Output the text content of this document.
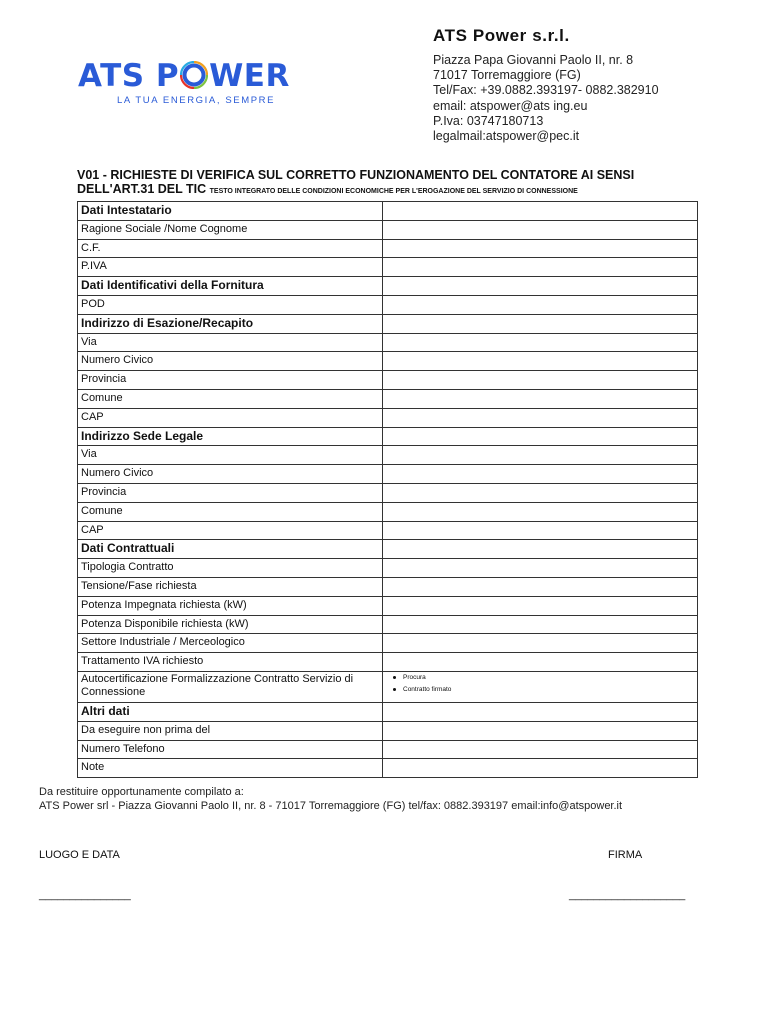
ATS P WER
LA TUA ENERGIA, SEMPRE
ATS Power s.r.l.
Piazza Papa Giovanni Paolo II, nr. 8
71017 Torremaggiore (FG)
Tel/Fax: +39.0882.393197- 0882.382910
email: atspower@ats ing.eu
P.Iva: 03747180713
legalmail:atspower@pec.it
V01 - RICHIESTE DI VERIFICA SUL CORRETTO FUNZIONAMENTO DEL CONTATORE AI SENSI
DELL'ART.31 DEL TIC TESTO INTEGRATO DELLE CONDIZIONI ECONOMICHE PER L'EROGAZIONE DEL SERVIZIO DI CONNESSIONE
Dati Intestatario
Ragione Sociale /Nome Cognome
C.F.
P.IVA
Dati Identificativi della Fornitura
POD
Indirizzo di Esazione/Recapito
Via
Numero Civico
Provincia
Comune
CAP
Indirizzo Sede Legale
Via
Numero Civico
Provincia
Comune
CAP
Dati Contrattuali
Tipologia Contratto
Tensione/Fase richiesta
Potenza Impegnata richiesta (kW)
Potenza Disponibile richiesta (kW)
Settore Industriale / Merceologico
Trattamento IVA richiesto
Autocertificazione Formalizzazione Contratto Servizio di Connessione
Procura
Contratto firmato
Altri dati
Da eseguire non prima del
Numero Telefono
Note
Da restituire opportunamente compilato a:
ATS Power srl - Piazza Giovanni Paolo II, nr. 8 - 71017 Torremaggiore (FG) tel/fax: 0882.393197 email:info@atspower.it
LUOGO E DATA	FIRMA
_______________	___________________
